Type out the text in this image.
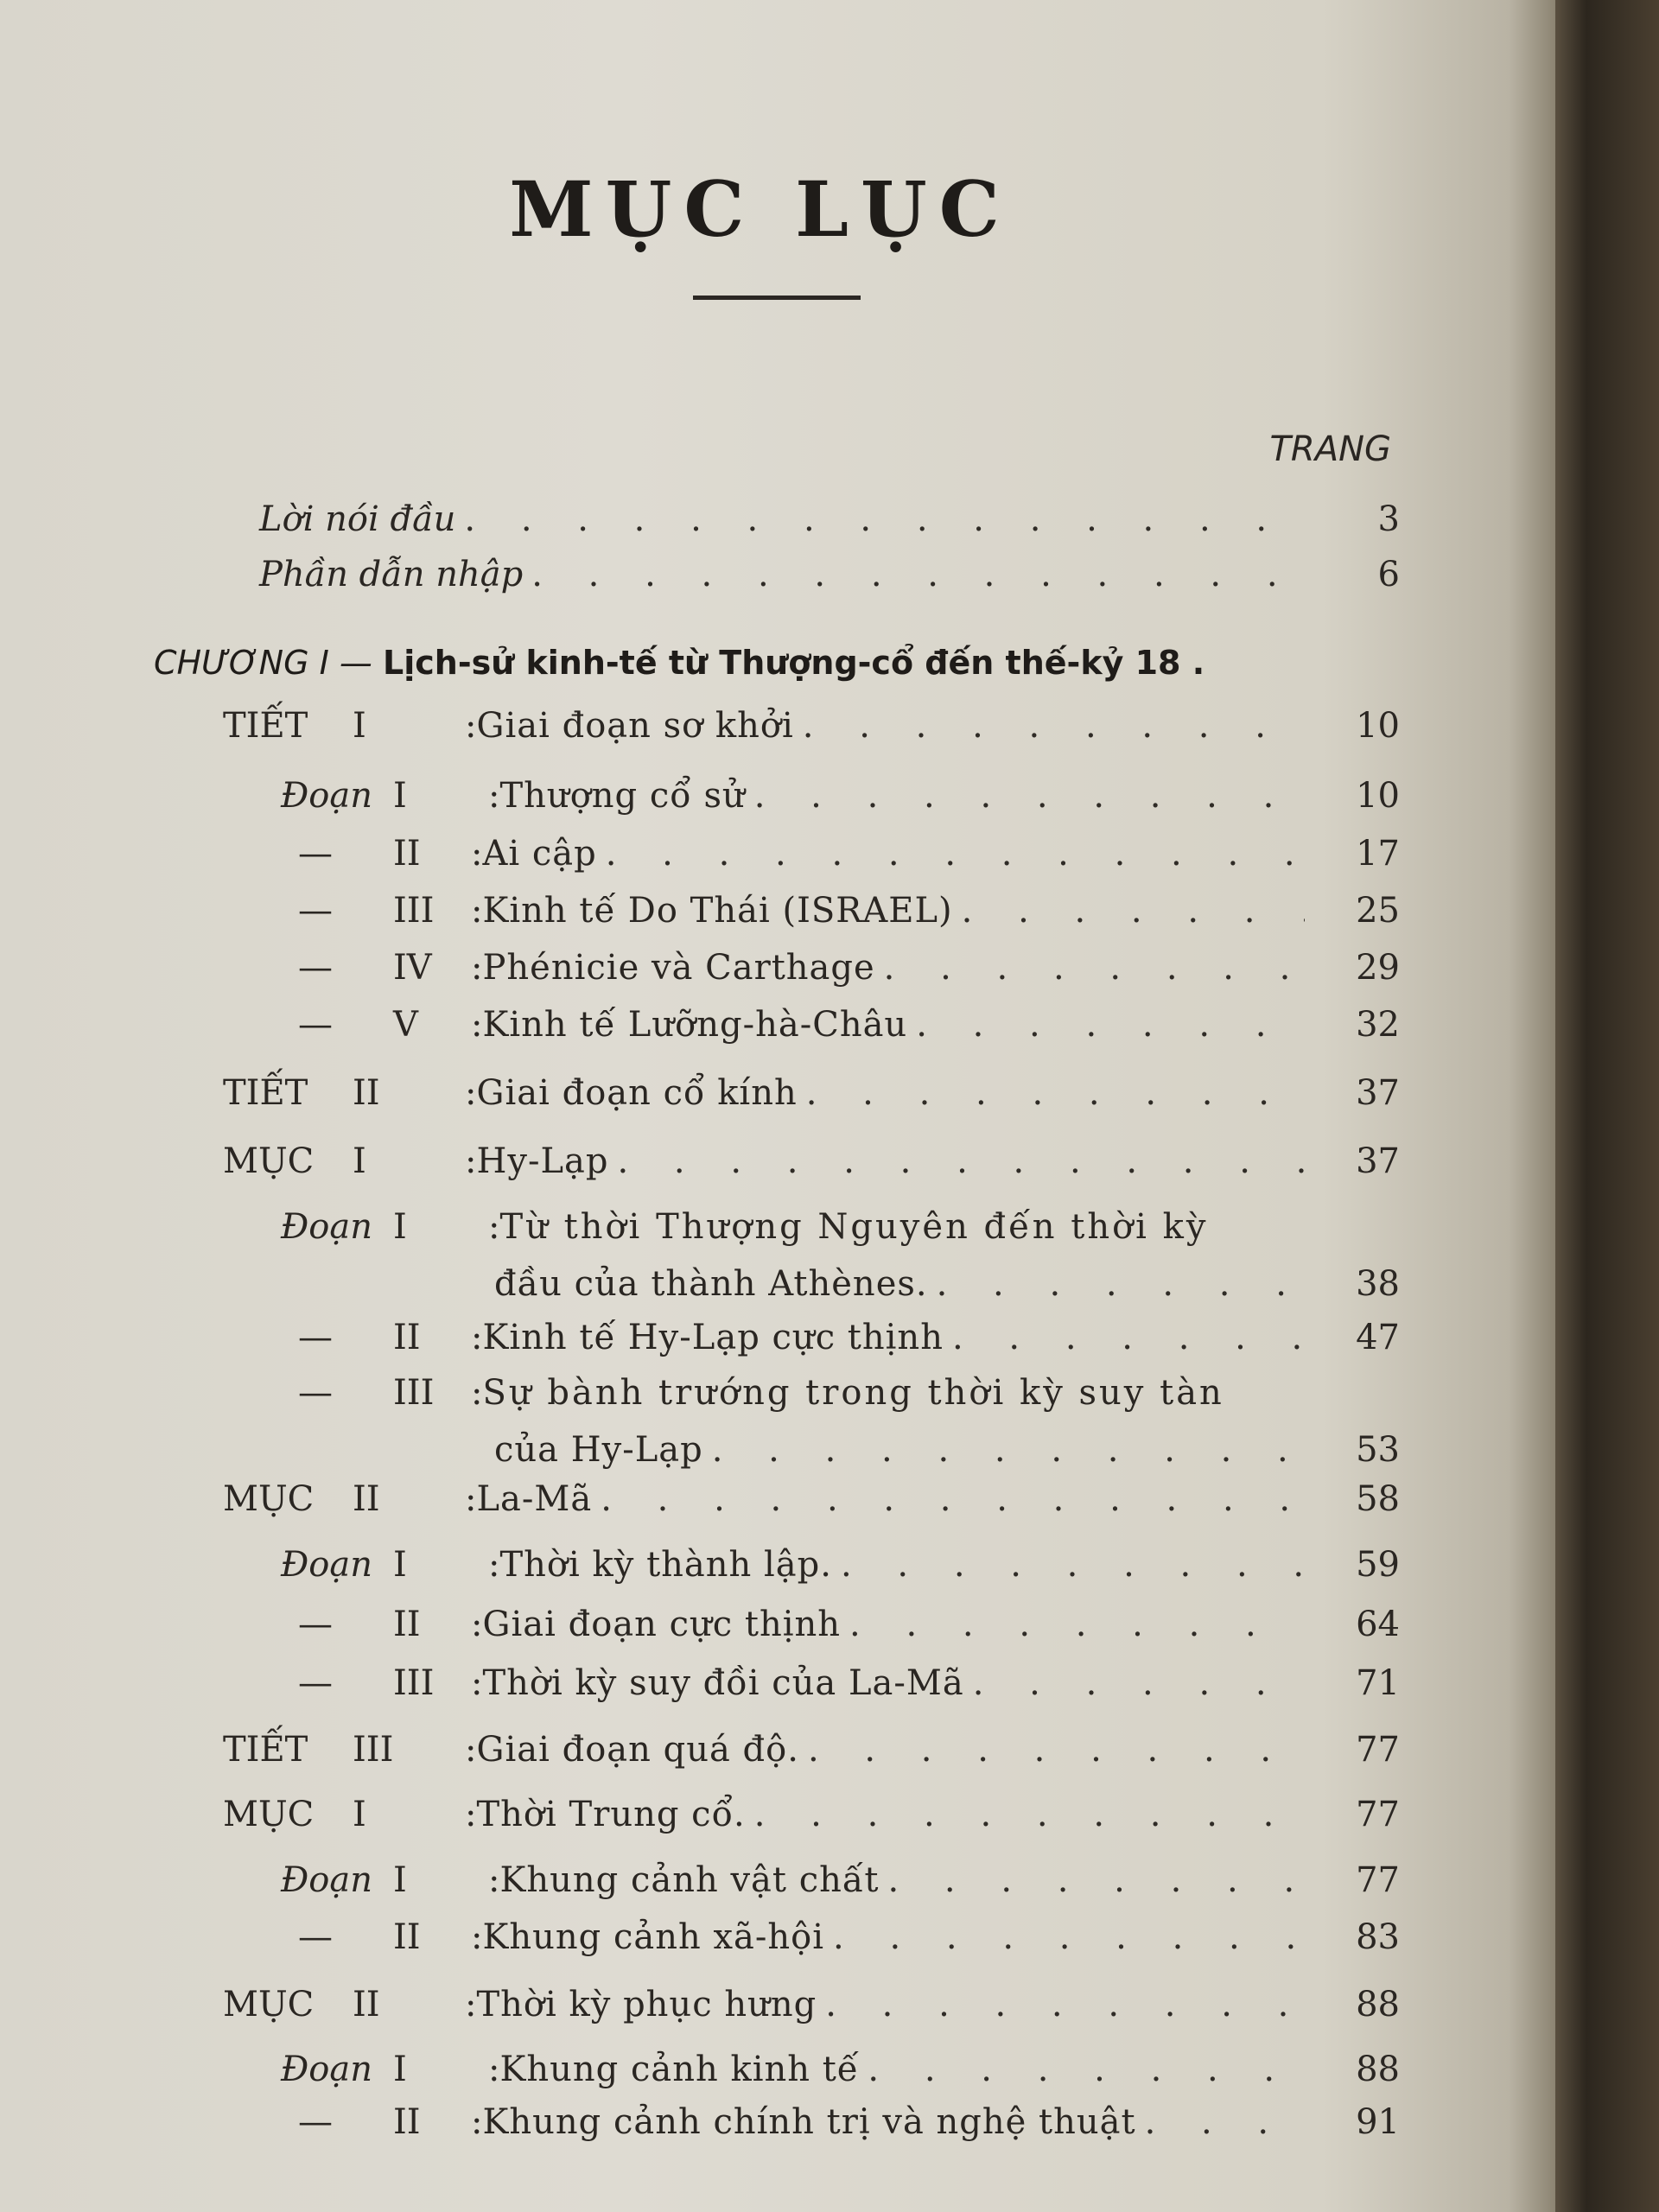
MỤC LỤC
TRANG
Lời nói đầu . . .	3
Phần dẫn nhập . . .	6
CHƯƠNG I — Lịch-sử kinh-tế từ Thượng-cổ đến thế-kỷ 18 .
TIẾT	I	: Giai đoạn sơ khởi . . .	10
Đoạn I	: Thượng cổ sử . . .	10
—	II	: Ai cập . . .	17
—	III	: Kinh tế Do Thái (ISRAEL) . . .	25
—	IV	: Phénicie và Carthage . . .	29
—	V	: Kinh tế Lưỡng-hà-Châu . . .	32
TIẾT	II	: Giai đoạn cổ kính . . .	37
MỤC	I	: Hy-Lạp . . .	37
Đoạn I	: Từ thời Thượng Nguyên đến thời kỳ
đầu của thành Athènes. . . .	38
—	II	: Kinh tế Hy-Lạp cực thịnh . . .	47
—	III	: Sự bành trướng trong thời kỳ suy tàn
của Hy-Lạp . . .	53
MỤC	II	: La-Mã . . .	58
Đoạn I	: Thời kỳ thành lập. . . .	59
—	II	: Giai đoạn cực thịnh . . .	64
—	III	: Thời kỳ suy đồi của La-Mã . . .	71
TIẾT	III	: Giai đoạn quá độ. . . .	77
MỤC	I	: Thời Trung cổ. . . .	77
Đoạn I	: Khung cảnh vật chất . . .	77
—	II	: Khung cảnh xã-hội . . .	83
MỤC	II	: Thời kỳ phục hưng . . .	88
Đoạn I	: Khung cảnh kinh tế . . .	88
—	II	: Khung cảnh chính trị và nghệ thuật . . .	91
